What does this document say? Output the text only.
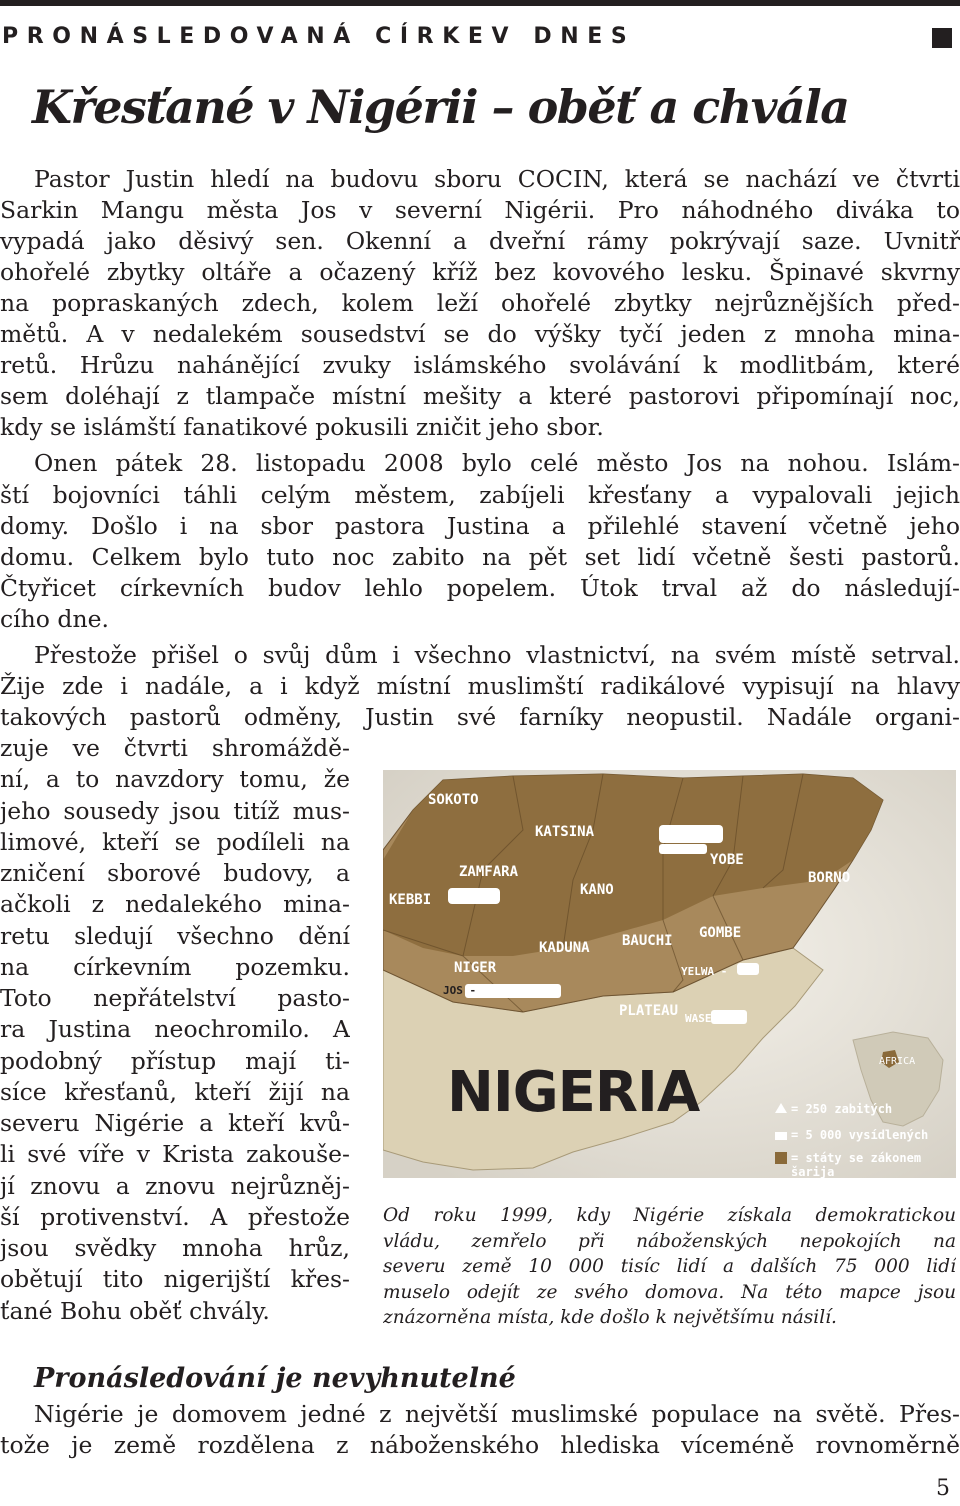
PRONÁSLEDOVANÁ CÍRKEV DNES
Křesťané v Nigérii – oběť a chvála
Pastor Justin hledí na budovu sboru COCIN, která se nachází ve čtvrti
Sarkin Mangu města Jos v severní Nigérii. Pro náhodného diváka to
vypadá jako děsivý sen. Okenní a dveřní rámy pokrývají saze. Uvnitř
ohořelé zbytky oltáře a očazený kříž bez kovového lesku. Špinavé skvrny
na popraskaných zdech, kolem leží ohořelé zbytky nejrůznějších před-
mětů. A v nedalekém sousedství se do výšky tyčí jeden z mnoha mina-
retů. Hrůzu nahánějící zvuky islámského svolávání k modlitbám, které
sem doléhají z tlampače místní mešity a které pastorovi připomínají noc,
kdy se islámští fanatikové pokusili zničit jeho sbor.
Onen pátek 28. listopadu 2008 bylo celé město Jos na nohou. Islám-
ští bojovníci táhli celým městem, zabíjeli křesťany a vypalovali jejich
domy. Došlo i na sbor pastora Justina a přilehlé stavení včetně jeho
domu. Celkem bylo tuto noc zabito na pět set lidí včetně šesti pastorů.
Čtyřicet církevních budov lehlo popelem. Útok trval až do následují-
cího dne.
Přestože přišel o svůj dům i všechno vlastnictví, na svém místě setrval.
Žije zde i nadále, a i když místní muslimští radikálové vypisují na hlavy
takových pastorů odměny, Justin své farníky neopustil. Nadále organi-
zuje ve čtvrti shromáždě-
ní, a to navzdory tomu, že
jeho sousedy jsou titíž mus-
limové, kteří se podíleli na
zničení sborové budovy, a
ačkoli z nedalekého mina-
retu sledují všechno dění
na církevním pozemku.
Toto nepřátelství pasto-
ra Justina neochromilo. A
podobný přístup mají ti-
síce křesťanů, kteří žijí na
severu Nigérie a kteří kvů-
li své víře v Krista zakouše-
jí znovu a znovu nejrůzněj-
ší protivenství. A přestože
jsou svědky mnoha hrůz,
obětují tito nigerijští křes-
ťané Bohu oběť chvály.
SOKOTO
KATSINA
ZAMFARA
KEBBI
KANO
YOBE
BORNO
KADUNA BAUCHI GOMBE
NIGER
PLATEAU
JOS -
YELWA -
WASE -
AFRICA
NIGERIA	= 250 zabitých
= 5 000 vysídlených
= státy se zákonem šarija
Od roku 1999, kdy Nigérie získala demokratickou
vládu, zemřelo při náboženských nepokojích na
severu země 10 000 tisíc lidí a dalších 75 000 lidí
muselo odejít ze svého domova. Na této mapce jsou
znázorněna místa, kde došlo k největšímu násilí.
Pronásledování je nevyhnutelné
Nigérie je domovem jedné z největší muslimské populace na světě. Přes-
tože je země rozdělena z náboženského hlediska víceméně rovnoměrně
5
